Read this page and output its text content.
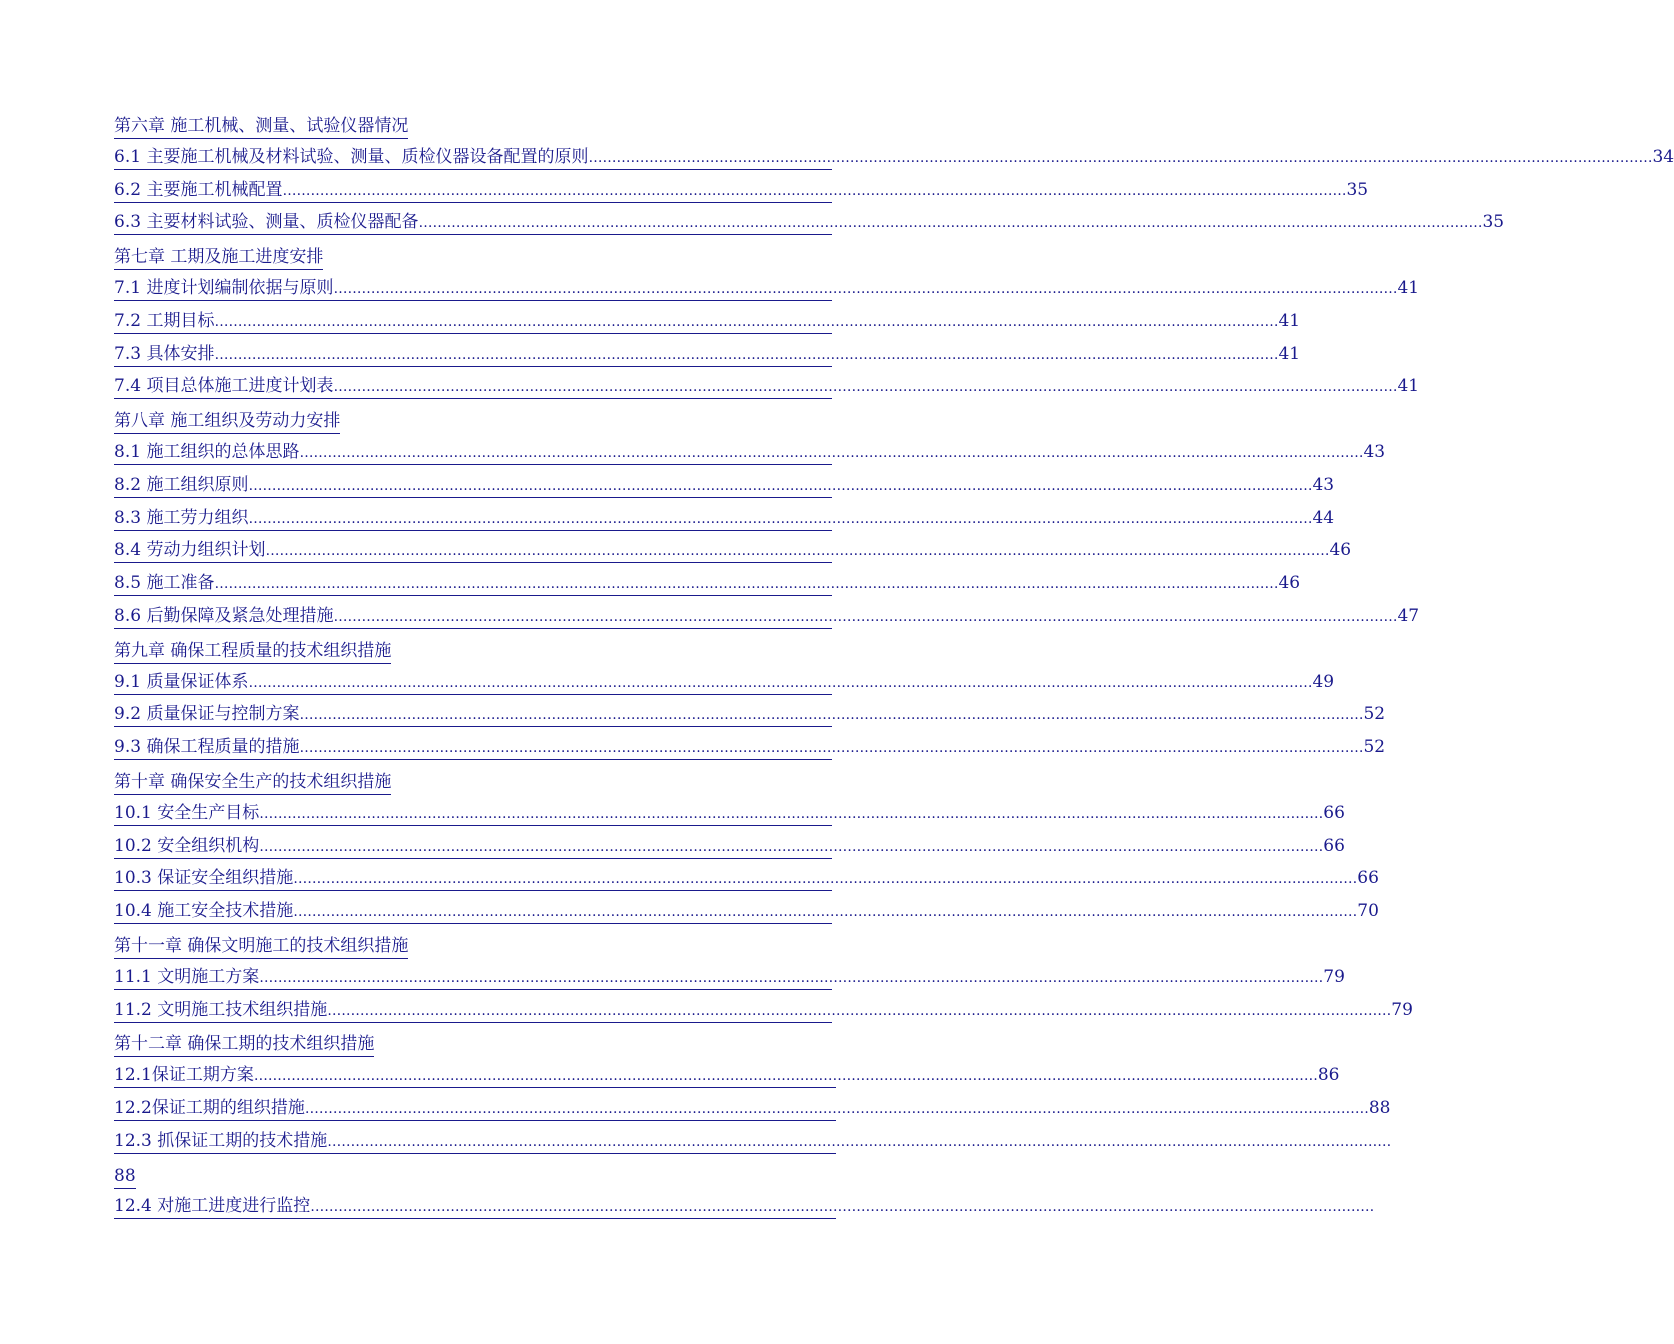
第六章 施工机械、测量、试验仪器情况
6.1 主要施工机械及材料试验、测量、质检仪器设备配置的原则 ………………………………………………………………………………………………………………………………………………………………………………………………………… 34
6.2 主要施工机械配置 ………………………………………………………………………………………………………………………………………………………………………………………………………… 35
6.3 主要材料试验、测量、质检仪器配备 ………………………………………………………………………………………………………………………………………………………………………………………………………… 35
第七章 工期及施工进度安排
7.1 进度计划编制依据与原则 ………………………………………………………………………………………………………………………………………………………………………………………………………… 41
7.2 工期目标 ………………………………………………………………………………………………………………………………………………………………………………………………………… 41
7.3 具体安排 ………………………………………………………………………………………………………………………………………………………………………………………………………… 41
7.4 项目总体施工进度计划表 ………………………………………………………………………………………………………………………………………………………………………………………………………… 41
第八章 施工组织及劳动力安排
8.1 施工组织的总体思路 ………………………………………………………………………………………………………………………………………………………………………………………………………… 43
8.2 施工组织原则 ………………………………………………………………………………………………………………………………………………………………………………………………………… 43
8.3 施工劳力组织 ………………………………………………………………………………………………………………………………………………………………………………………………………… 44
8.4 劳动力组织计划 ………………………………………………………………………………………………………………………………………………………………………………………………………… 46
8.5 施工准备 ………………………………………………………………………………………………………………………………………………………………………………………………………… 46
8.6 后勤保障及紧急处理措施 ………………………………………………………………………………………………………………………………………………………………………………………………………… 47
第九章 确保工程质量的技术组织措施
9.1 质量保证体系 ………………………………………………………………………………………………………………………………………………………………………………………………………… 49
9.2 质量保证与控制方案 ………………………………………………………………………………………………………………………………………………………………………………………………………… 52
9.3 确保工程质量的措施 ………………………………………………………………………………………………………………………………………………………………………………………………………… 52
第十章 确保安全生产的技术组织措施
10.1 安全生产目标 ………………………………………………………………………………………………………………………………………………………………………………………………………… 66
10.2 安全组织机构 ………………………………………………………………………………………………………………………………………………………………………………………………………… 66
10.3 保证安全组织措施 ………………………………………………………………………………………………………………………………………………………………………………………………………… 66
10.4 施工安全技术措施 ………………………………………………………………………………………………………………………………………………………………………………………………………… 70
第十一章 确保文明施工的技术组织措施
11.1 文明施工方案 ………………………………………………………………………………………………………………………………………………………………………………………………………… 79
11.2 文明施工技术组织措施 ………………………………………………………………………………………………………………………………………………………………………………………………………… 79
第十二章 确保工期的技术组织措施
12.1保证工期方案 ………………………………………………………………………………………………………………………………………………………………………………………………………… 86
12.2保证工期的组织措施 ………………………………………………………………………………………………………………………………………………………………………………………………………… 88
12.3 抓保证工期的技术措施 …………………………………………………………………………………………………………………………………………………………………………………………………………
88
12.4 对施工进度进行监控 …………………………………………………………………………………………………………………………………………………………………………………………………………
